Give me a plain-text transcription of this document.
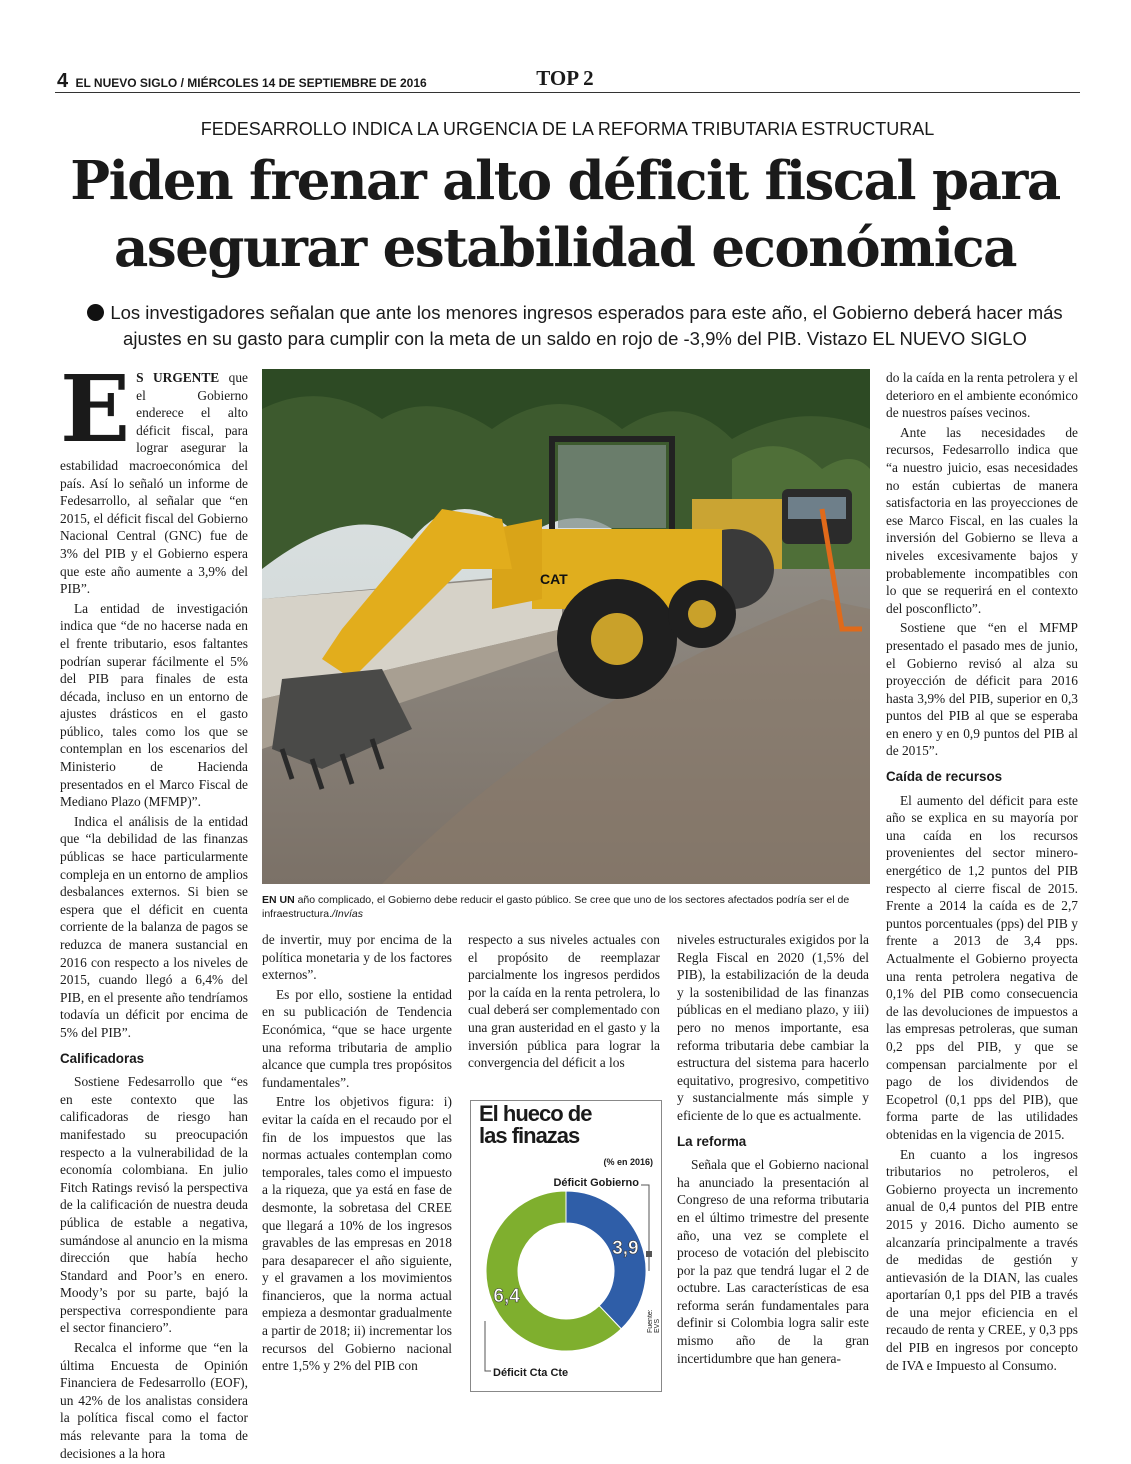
4 EL NUEVO SIGLO / MIÉRCOLES 14 DE SEPTIEMBRE DE 2016	TOP 2
FEDESARROLLO INDICA LA URGENCIA DE LA REFORMA TRIBUTARIA ESTRUCTURAL
Piden frenar alto déficit fiscal para
asegurar estabilidad económica
Los investigadores señalan que ante los menores ingresos esperados para este año, el Gobierno deberá hacer más ajustes en su gasto para cumplir con la meta de un saldo en rojo de -3,9% del PIB. Vistazo EL NUEVO SIGLO

E S URGENTE que el Gobierno enderece el alto déficit fiscal, para lograr asegurar la estabilidad macroeconómica del país. Así lo señaló un informe de Fedesarrollo, al señalar que “en 2015, el déficit fiscal del Gobierno Nacional Central (GNC) fue de 3% del PIB y el Gobierno espera que este año aumente a 3,9% del PIB”.

La entidad de investigación indica que “de no hacerse nada en el frente tributario, esos faltantes podrían superar fácilmente el 5% del PIB para finales de esta década, incluso en un entorno de ajustes drásticos en el gasto público, tales como los que se contemplan en los escenarios del Ministerio de Hacienda presentados en el Marco Fiscal de Mediano Plazo (MFMP)”.

Indica el análisis de la entidad que “la debilidad de las finanzas públicas se hace particularmente compleja en un entorno de amplios desbalances externos. Si bien se espera que el déficit en cuenta corriente de la balanza de pagos se reduzca de manera sustancial en 2016 con respecto a los niveles de 2015, cuando llegó a 6,4% del PIB, en el presente año tendríamos todavía un déficit por encima de 5% del PIB”.

Calificadoras

Sostiene Fedesarrollo que “es en este contexto que las calificadoras de riesgo han manifestado su preocupación respecto a la vulnerabilidad de la economía colombiana. En julio Fitch Ratings revisó la perspectiva de la calificación de nuestra deuda pública de estable a negativa, sumándose al anuncio en la misma dirección que había hecho Standard and Poor’s en enero. Moody’s por su parte, bajó la perspectiva correspondiente para el sector financiero”.

Recalca el informe que “en la última Encuesta de Opinión Financiera de Fedesarrollo (EOF), un 42% de los analistas considera la política fiscal como el factor más relevante para la toma de decisiones a la hora

CAT
EN UN año complicado, el Gobierno debe reducir el gasto público. Se cree que uno de los sectores afectados podría ser el de infraestructura./Invías

de invertir, muy por encima de la política monetaria y de los factores externos”.

Es por ello, sostiene la entidad en su publicación de Tendencia Económica, “que se hace urgente una reforma tributaria de amplio alcance que cumpla tres propósitos fundamentales”.

Entre los objetivos figura: i) evitar la caída en el recaudo por el fin de los impuestos que las normas actuales contemplan como temporales, tales como el impuesto a la riqueza, que ya está en fase de desmonte, la sobretasa del CREE que llegará a 10% de los ingresos gravables de las empresas en 2018 para desaparecer el año siguiente, y el gravamen a los movimientos financieros, que la norma actual empieza a desmontar gradualmente a partir de 2018; ii) incrementar los recursos del Gobierno nacional entre 1,5% y 2% del PIB con

respecto a sus niveles actuales con el propósito de reemplazar parcialmente los ingresos perdidos por la caída en la renta petrolera, lo cual deberá ser complementado con una gran austeridad en el gasto y la inversión pública para lograr la convergencia del déficit a los

El hueco de
las finazas
(% en 2016)
Déficit Gobierno
Déficit Cta Cte
Fuente: EVS
3,9
6,4

niveles estructurales exigidos por la Regla Fiscal en 2020 (1,5% del PIB), la estabilización de la deuda y la sostenibilidad de las finanzas públicas en el mediano plazo, y iii) pero no menos importante, esa reforma tributaria debe cambiar la estructura del sistema para hacerlo equitativo, progresivo, competitivo y sustancialmente más simple y eficiente de lo que es actualmente.

La reforma

Señala que el Gobierno nacional ha anunciado la presentación al Congreso de una reforma tributaria en el último trimestre del presente año, una vez se complete el proceso de votación del plebiscito por la paz que tendrá lugar el 2 de octubre. Las características de esa reforma serán fundamentales para definir si Colombia logra salir este mismo año de la gran incertidumbre que han genera-

do la caída en la renta petrolera y el deterioro en el ambiente económico de nuestros países vecinos.

Ante las necesidades de recursos, Fedesarrollo indica que “a nuestro juicio, esas necesidades no están cubiertas de manera satisfactoria en las proyecciones de ese Marco Fiscal, en las cuales la inversión del Gobierno se lleva a niveles excesivamente bajos y probablemente incompatibles con lo que se requerirá en el contexto del posconflicto”.

Sostiene que “en el MFMP presentado el pasado mes de junio, el Gobierno revisó al alza su proyección de déficit para 2016 hasta 3,9% del PIB, superior en 0,3 puntos del PIB al que se esperaba en enero y en 0,9 puntos del PIB al de 2015”.

Caída de recursos

El aumento del déficit para este año se explica en su mayoría por una caída en los recursos provenientes del sector minero-energético de 1,2 puntos del PIB respecto al cierre fiscal de 2015. Frente a 2014 la caída es de 2,7 puntos porcentuales (pps) del PIB y frente a 2013 de 3,4 pps. Actualmente el Gobierno proyecta una renta petrolera negativa de 0,1% del PIB como consecuencia de las devoluciones de impuestos a las empresas petroleras, que suman 0,2 pps del PIB, y que se compensan parcialmente por el pago de los dividendos de Ecopetrol (0,1 pps del PIB), que forma parte de las utilidades obtenidas en la vigencia de 2015.

En cuanto a los ingresos tributarios no petroleros, el Gobierno proyecta un incremento anual de 0,4 puntos del PIB entre 2015 y 2016. Dicho aumento se alcanzaría principalmente a través de medidas de gestión y antievasión de la DIAN, las cuales aportarían 0,1 pps del PIB a través de una mejor eficiencia en el recaudo de renta y CREE, y 0,3 pps del PIB en ingresos por concepto de IVA e Impuesto al Consumo.
